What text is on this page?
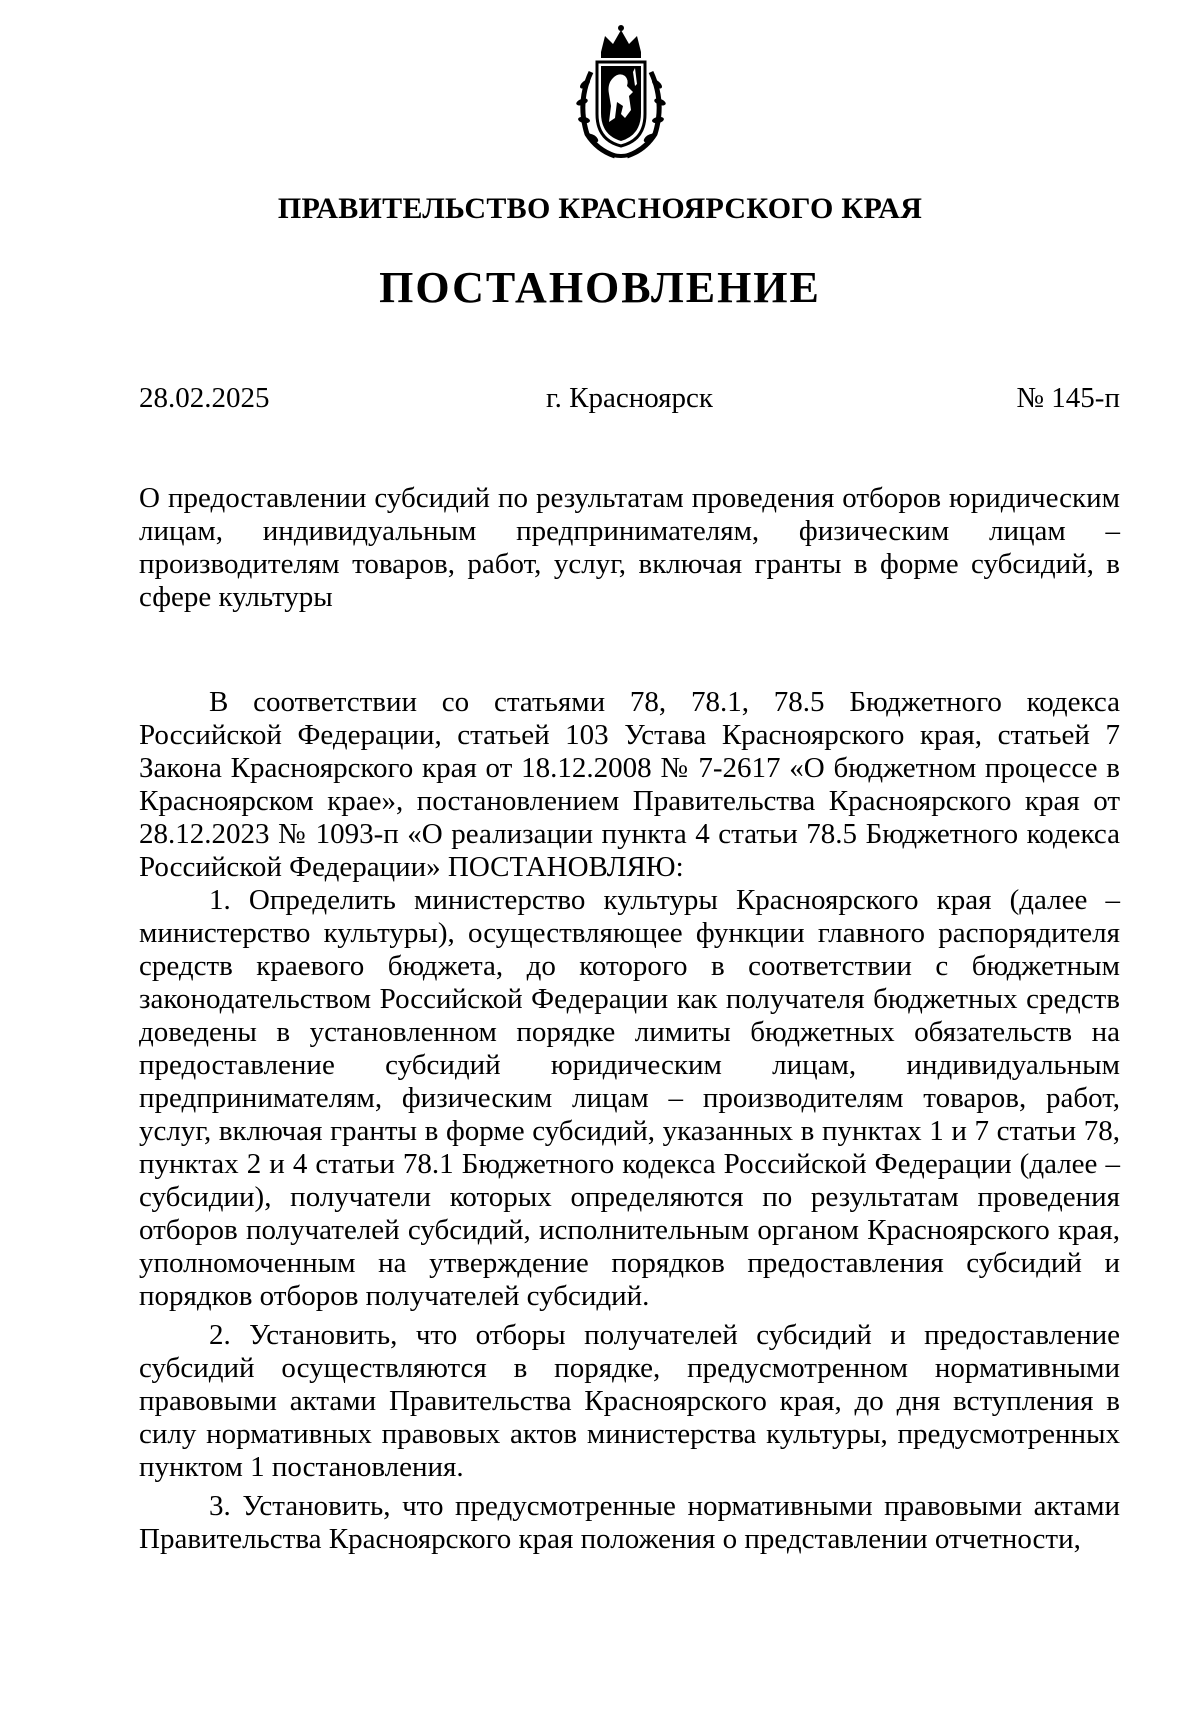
ПРАВИТЕЛЬСТВО КРАСНОЯРСКОГО КРАЯ
ПОСТАНОВЛЕНИЕ
г. Красноярск
28.02.2025	№ 145-п
О предоставлении субсидий по результатам проведения отборов юридическим лицам, индивидуальным предпринимателям, физическим лицам – производителям товаров, работ, услуг, включая гранты в форме субсидий, в сфере культуры

В соответствии со статьями 78, 78.1, 78.5 Бюджетного кодекса Российской Федерации, статьей 103 Устава Красноярского края, статьей 7 Закона Красноярского края от 18.12.2008 № 7-2617 «О бюджетном процессе в Красноярском крае», постановлением Правительства Красноярского края от 28.12.2023 № 1093-п «О реализации пункта 4 статьи 78.5 Бюджетного кодекса Российской Федерации» ПОСТАНОВЛЯЮ:

1. Определить министерство культуры Красноярского края (далее – министерство культуры), осуществляющее функции главного распорядителя средств краевого бюджета, до которого в соответствии с бюджетным законодательством Российской Федерации как получателя бюджетных средств доведены в установленном порядке лимиты бюджетных обязательств на предоставление субсидий юридическим лицам, индивидуальным предпринимателям, физическим лицам – производителям товаров, работ, услуг, включая гранты в форме субсидий, указанных в пунктах 1 и 7 статьи 78, пунктах 2 и 4 статьи 78.1 Бюджетного кодекса Российской Федерации (далее – субсидии), получатели которых определяются по результатам проведения отборов получателей субсидий, исполнительным органом Красноярского края, уполномоченным на утверждение порядков предоставления субсидий и порядков отборов получателей субсидий.

2. Установить, что отборы получателей субсидий и предоставление субсидий осуществляются в порядке, предусмотренном нормативными правовыми актами Правительства Красноярского края, до дня вступления в силу нормативных правовых актов министерства культуры, предусмотренных пунктом 1 постановления.

3. Установить, что предусмотренные нормативными правовыми актами Правительства Красноярского края положения о представлении отчетности,
